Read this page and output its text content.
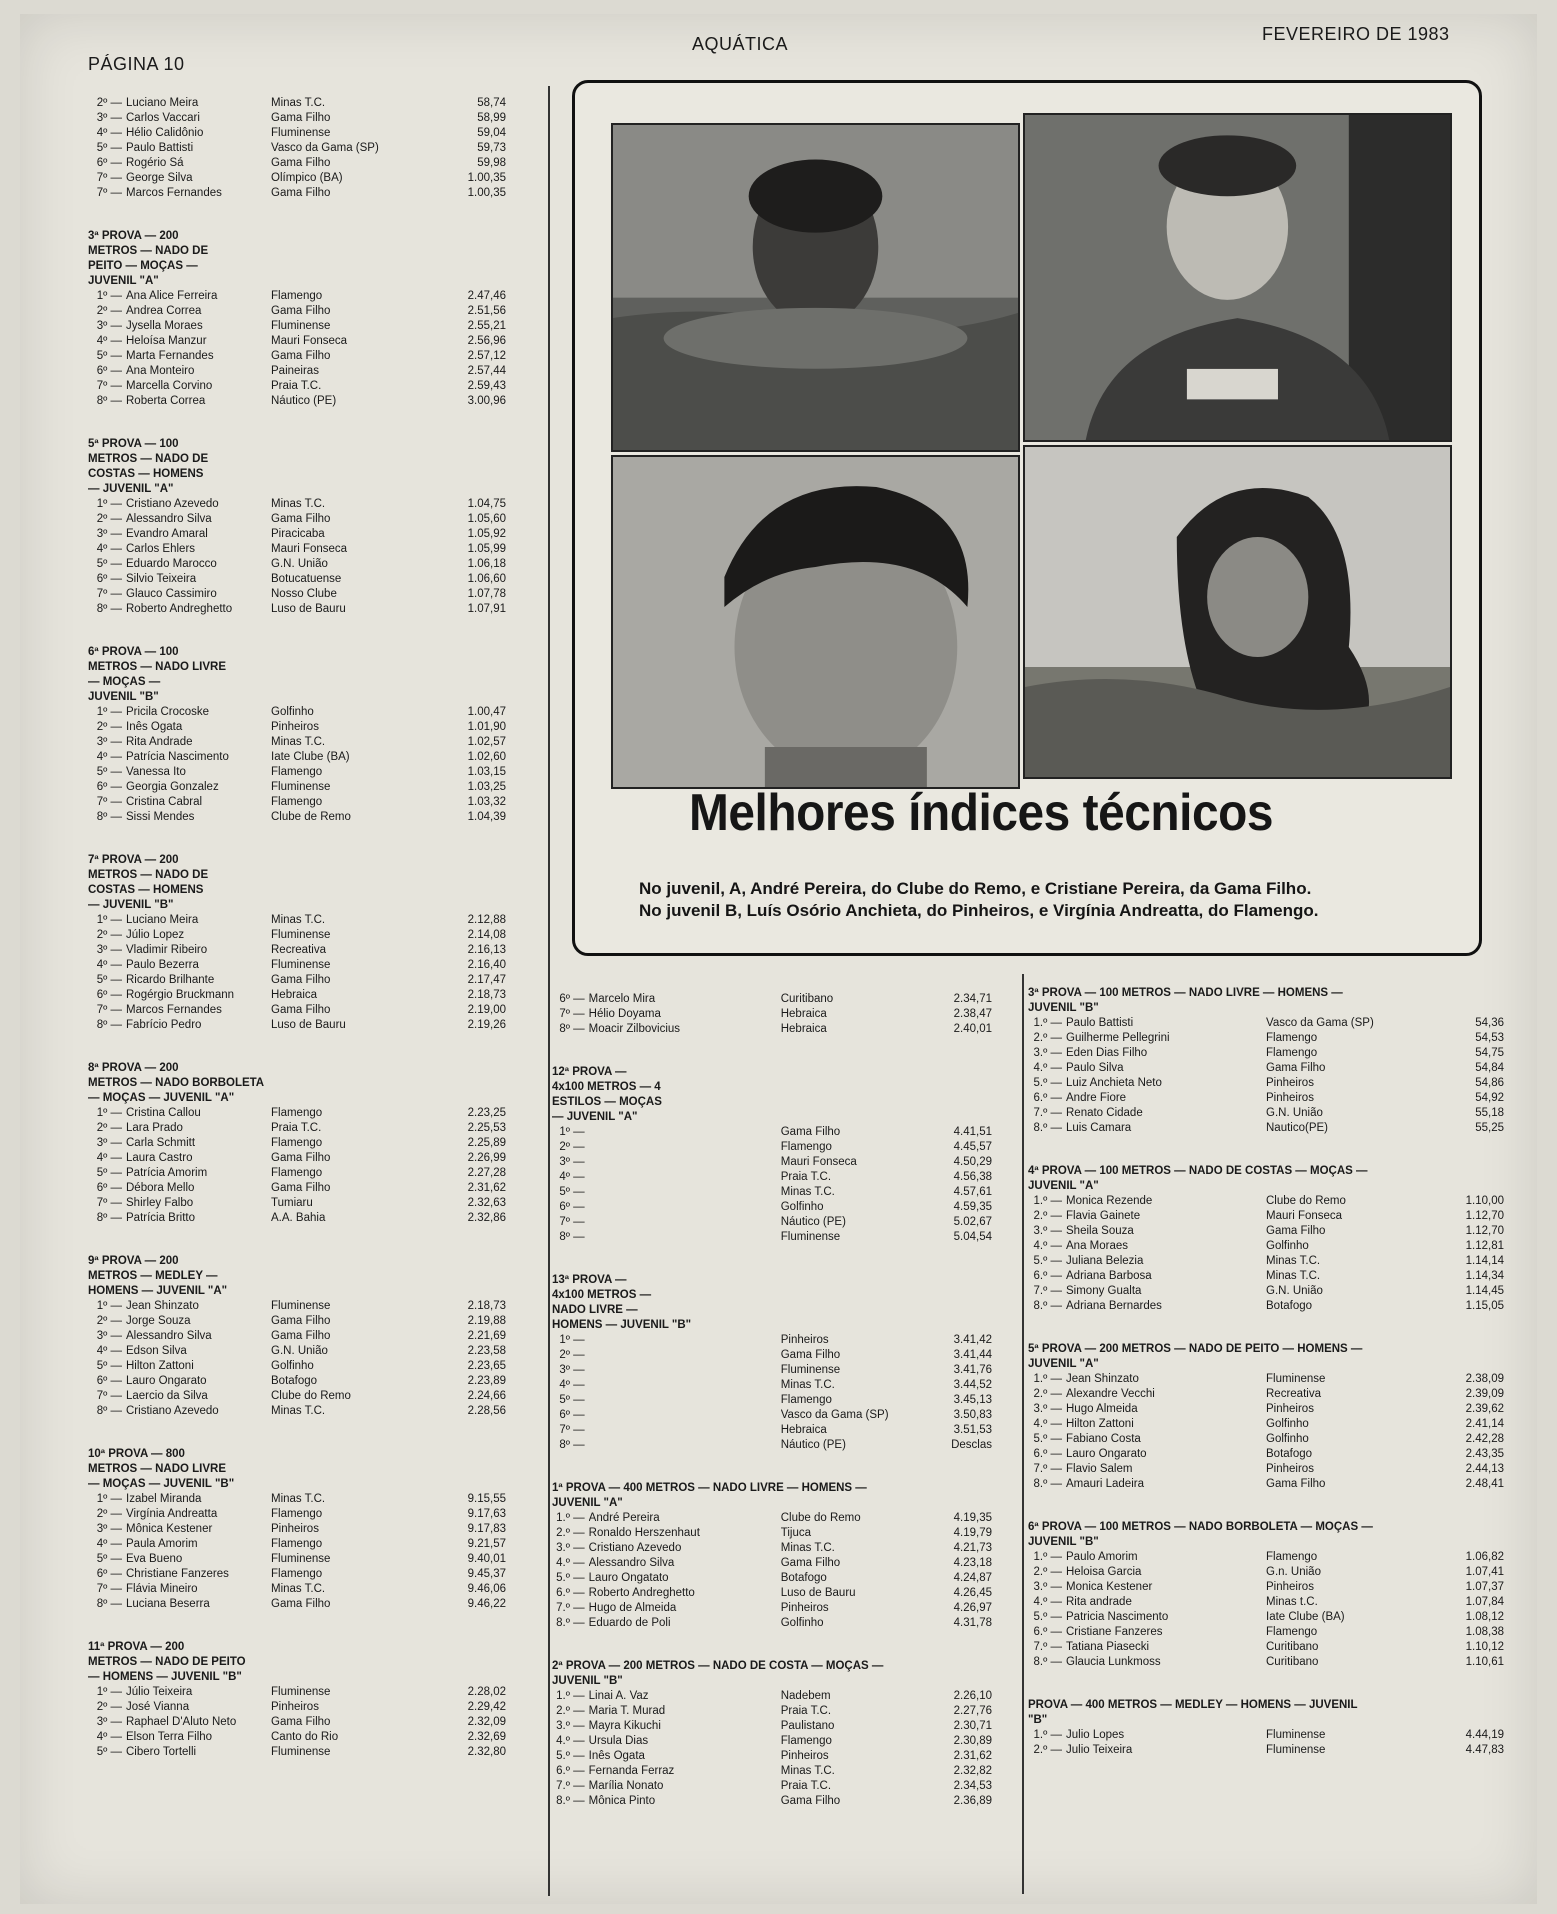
PÁGINA 10
AQUÁTICA	FEVEREIRO DE 1983
2º — Luciano Meira	Minas T.C.	58,74
3º — Carlos Vaccari	Gama Filho	58,99
4º — Hélio Calidônio	Fluminense	59,04
5º — Paulo Battisti	Vasco da Gama (SP)	59,73
6º — Rogério Sá	Gama Filho	59,98
7º — George Silva	Olímpico (BA)	1.00,35
7º — Marcos Fernandes	Gama Filho	1.00,35
3ª PROVA — 200
METROS — NADO DE
PEITO — MOÇAS —
JUVENIL "A"
1º — Ana Alice Ferreira	Flamengo	2.47,46
2º — Andrea Correa	Gama Filho	2.51,56
3º — Jysella Moraes	Fluminense	2.55,21
4º — Heloísa Manzur	Mauri Fonseca	2.56,96
5º — Marta Fernandes	Gama Filho	2.57,12
6º — Ana Monteiro	Paineiras	2.57,44
7º — Marcella Corvino	Praia T.C.	2.59,43
8º — Roberta Correa	Náutico (PE)	3.00,96
5ª PROVA — 100
METROS — NADO DE
COSTAS — HOMENS
— JUVENIL "A"
1º — Cristiano Azevedo	Minas T.C.	1.04,75
2º — Alessandro Silva	Gama Filho	1.05,60
3º — Evandro Amaral	Piracicaba	1.05,92
4º — Carlos Ehlers	Mauri Fonseca	1.05,99
5º — Eduardo Marocco	G.N. União	1.06,18
6º — Silvio Teixeira	Botucatuense	1.06,60
7º — Glauco Cassimiro	Nosso Clube	1.07,78
8º — Roberto Andreghetto	Luso de Bauru	1.07,91
6ª PROVA — 100
METROS — NADO LIVRE
— MOÇAS —
JUVENIL "B"
1º — Pricila Crocoske	Golfinho	1.00,47
2º — Inês Ogata	Pinheiros	1.01,90
3º — Rita Andrade	Minas T.C.	1.02,57
4º — Patrícia Nascimento	Iate Clube (BA)	1.02,60
5º — Vanessa Ito	Flamengo	1.03,15
6º — Georgia Gonzalez	Fluminense	1.03,25
7º — Cristina Cabral	Flamengo	1.03,32
8º — Sissi Mendes	Clube de Remo	1.04,39
7ª PROVA — 200
METROS — NADO DE
COSTAS — HOMENS
— JUVENIL "B"
1º — Luciano Meira	Minas T.C.	2.12,88
2º — Júlio Lopez	Fluminense	2.14,08
3º — Vladimir Ribeiro	Recreativa	2.16,13
4º — Paulo Bezerra	Fluminense	2.16,40
5º — Ricardo Brilhante	Gama Filho	2.17,47
6º — Rogérgio Bruckmann	Hebraica	2.18,73
7º — Marcos Fernandes	Gama Filho	2.19,00
8º — Fabrício Pedro	Luso de Bauru	2.19,26
8ª PROVA — 200
METROS — NADO BORBOLETA
— MOÇAS — JUVENIL "A"
1º — Cristina Callou	Flamengo	2.23,25
2º — Lara Prado	Praia T.C.	2.25,53
3º — Carla Schmitt	Flamengo	2.25,89
4º — Laura Castro	Gama Filho	2.26,99
5º — Patrícia Amorim	Flamengo	2.27,28
6º — Débora Mello	Gama Filho	2.31,62
7º — Shirley Falbo	Tumiaru	2.32,63
8º — Patrícia Britto	A.A. Bahia	2.32,86
9ª PROVA — 200
METROS — MEDLEY —
HOMENS — JUVENIL "A"
1º — Jean Shinzato	Fluminense	2.18,73
2º — Jorge Souza	Gama Filho	2.19,88
3º — Alessandro Silva	Gama Filho	2.21,69
4º — Edson Silva	G.N. União	2.23,58
5º — Hilton Zattoni	Golfinho	2.23,65
6º — Lauro Ongarato	Botafogo	2.23,89
7º — Laercio da Silva	Clube do Remo	2.24,66
8º — Cristiano Azevedo	Minas T.C.	2.28,56
10ª PROVA — 800
METROS — NADO LIVRE
— MOÇAS — JUVENIL "B"
1º — Izabel Miranda	Minas T.C.	9.15,55
2º — Virgínia Andreatta	Flamengo	9.17,63
3º — Mônica Kestener	Pinheiros	9.17,83
4º — Paula Amorim	Flamengo	9.21,57
5º — Eva Bueno	Fluminense	9.40,01
6º — Christiane Fanzeres	Flamengo	9.45,37
7º — Flávia Mineiro	Minas T.C.	9.46,06
8º — Luciana Beserra	Gama Filho	9.46,22
11ª PROVA — 200
METROS — NADO DE PEITO
— HOMENS — JUVENIL "B"
1º — Júlio Teixeira	Fluminense	2.28,02
2º — José Vianna	Pinheiros	2.29,42
3º — Raphael D'Aluto Neto	Gama Filho	2.32,09
4º — Elson Terra Filho	Canto do Rio	2.32,69
5º — Cibero Tortelli	Fluminense	2.32,80
Melhores índices técnicos
No juvenil, A, André Pereira, do Clube do Remo, e Cristiane Pereira, da Gama Filho.
No juvenil B, Luís Osório Anchieta, do Pinheiros, e Virgínia Andreatta, do Flamengo.
6º — Marcelo Mira	Curitibano	2.34,71
7º — Hélio Doyama	Hebraica	2.38,47
8º — Moacir Zilbovicius	Hebraica	2.40,01
12ª PROVA —
4x100 METROS — 4
ESTILOS — MOÇAS
— JUVENIL "A"
1º —	Gama Filho	4.41,51
2º —	Flamengo	4.45,57
3º —	Mauri Fonseca	4.50,29
4º —	Praia T.C.	4.56,38
5º —	Minas T.C.	4.57,61
6º —	Golfinho	4.59,35
7º —	Náutico (PE)	5.02,67
8º —	Fluminense	5.04,54
13ª PROVA —
4x100 METROS —
NADO LIVRE —
HOMENS — JUVENIL "B"
1º —	Pinheiros	3.41,42
2º —	Gama Filho	3.41,44
3º —	Fluminense	3.41,76
4º —	Minas T.C.	3.44,52
5º —	Flamengo	3.45,13
6º —	Vasco da Gama (SP)	3.50,83
7º —	Hebraica	3.51,53
8º —	Náutico (PE)	Desclas
1ª PROVA — 400 METROS — NADO LIVRE — HOMENS —
JUVENIL "A"
1.º — André Pereira	Clube do Remo	4.19,35
2.º — Ronaldo Herszenhaut	Tijuca	4.19,79
3.º — Cristiano Azevedo	Minas T.C.	4.21,73
4.º — Alessandro Silva	Gama Filho	4.23,18
5.º — Lauro Ongatato	Botafogo	4.24,87
6.º — Roberto Andreghetto	Luso de Bauru	4.26,45
7.º — Hugo de Almeida	Pinheiros	4.26,97
8.º — Eduardo de Poli	Golfinho	4.31,78
2ª PROVA — 200 METROS — NADO DE COSTA — MOÇAS —
JUVENIL "B"
1.º — Linai A. Vaz	Nadebem	2.26,10
2.º — Maria T. Murad	Praia T.C.	2.27,76
3.º — Mayra Kikuchi	Paulistano	2.30,71
4.º — Ursula Dias	Flamengo	2.30,89
5.º — Inês Ogata	Pinheiros	2.31,62
6.º — Fernanda Ferraz	Minas T.C.	2.32,82
7.º — Marília Nonato	Praia T.C.	2.34,53
8.º — Mônica Pinto	Gama Filho	2.36,89
3ª PROVA — 100 METROS — NADO LIVRE — HOMENS —
JUVENIL "B"
1.º — Paulo Battisti	Vasco da Gama (SP)	54,36
2.º — Guilherme Pellegrini	Flamengo	54,53
3.º — Eden Dias Filho	Flamengo	54,75
4.º — Paulo Silva	Gama Filho	54,84
5.º — Luiz Anchieta Neto	Pinheiros	54,86
6.º — Andre Fiore	Pinheiros	54,92
7.º — Renato Cidade	G.N. União	55,18
8.º — Luis Camara	Nautico(PE)	55,25
4ª PROVA — 100 METROS — NADO DE COSTAS — MOÇAS —
JUVENIL "A"
1.º — Monica Rezende	Clube do Remo	1.10,00
2.º — Flavia Gainete	Mauri Fonseca	1.12,70
3.º — Sheila Souza	Gama Filho	1.12,70
4.º — Ana Moraes	Golfinho	1.12,81
5.º — Juliana Belezia	Minas T.C.	1.14,14
6.º — Adriana Barbosa	Minas T.C.	1.14,34
7.º — Simony Gualta	G.N. União	1.14,45
8.º — Adriana Bernardes	Botafogo	1.15,05
5ª PROVA — 200 METROS — NADO DE PEITO — HOMENS —
JUVENIL "A"
1.º — Jean Shinzato	Fluminense	2.38,09
2.º — Alexandre Vecchi	Recreativa	2.39,09
3.º — Hugo Almeida	Pinheiros	2.39,62
4.º — Hilton Zattoni	Golfinho	2.41,14
5.º — Fabiano Costa	Golfinho	2.42,28
6.º — Lauro Ongarato	Botafogo	2.43,35
7.º — Flavio Salem	Pinheiros	2.44,13
8.º — Amauri Ladeira	Gama Filho	2.48,41
6ª PROVA — 100 METROS — NADO BORBOLETA — MOÇAS —
JUVENIL "B"
1.º — Paulo Amorim	Flamengo	1.06,82
2.º — Heloisa Garcia	G.n. União	1.07,41
3.º — Monica Kestener	Pinheiros	1.07,37
4.º — Rita andrade	Minas t.C.	1.07,84
5.º — Patricia Nascimento	Iate Clube (BA)	1.08,12
6.º — Cristiane Fanzeres	Flamengo	1.08,38
7.º — Tatiana Piasecki	Curitibano	1.10,12
8.º — Glaucia Lunkmoss	Curitibano	1.10,61
PROVA — 400 METROS — MEDLEY — HOMENS — JUVENIL
"B"
1.º — Julio Lopes	Fluminense	4.44,19
2.º — Julio Teixeira	Fluminense	4.47,83
